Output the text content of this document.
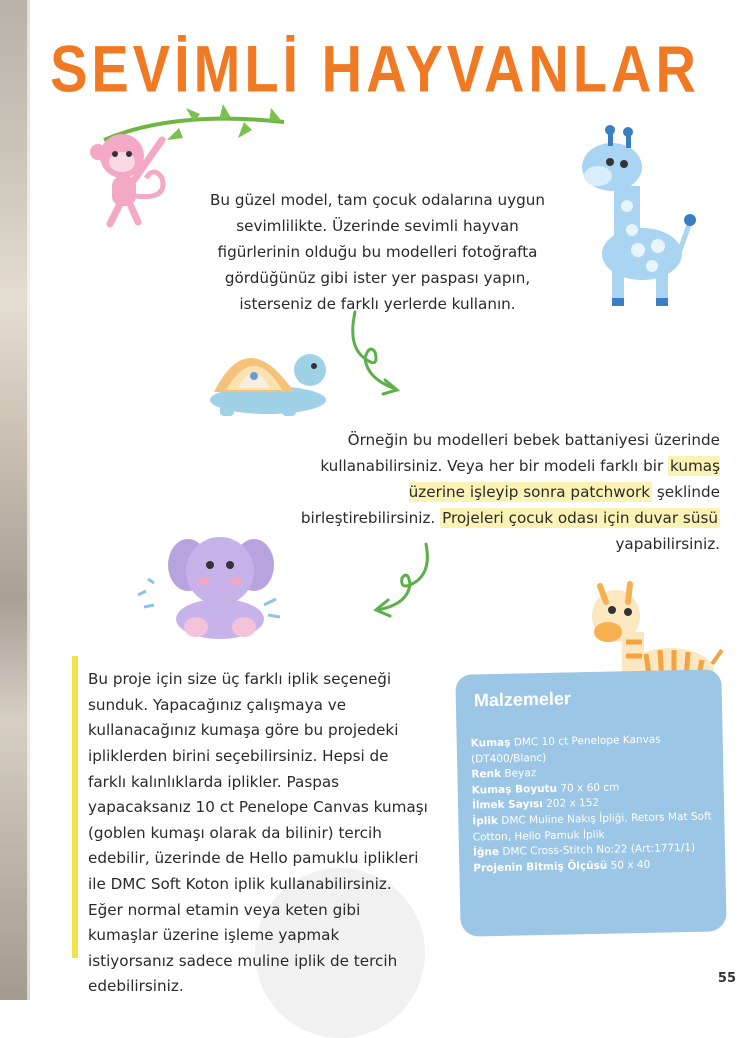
SEVİMLİ HAYVANLAR

Bu güzel model, tam çocuk odalarına uygun sevimlilikte. Üzerinde sevimli hayvan figürlerinin olduğu bu modelleri fotoğrafta gördüğünüz gibi ister yer paspası yapın, isterseniz de farklı yerlerde kullanın.

Örneğin bu modelleri bebek battaniyesi üzerinde kullanabilirsiniz. Veya her bir modeli farklı bir kumaş üzerine işleyip sonra patchwork şeklinde birleştirebilirsiniz. Projeleri çocuk odası için duvar süsü yapabilirsiniz.

Bu proje için size üç farklı iplik seçeneği sunduk. Yapacağınız çalışmaya ve kullanacağınız kumaşa göre bu projedeki ipliklerden birini seçebilirsiniz. Hepsi de farklı kalınlıklarda iplikler. Paspas yapacaksanız 10 ct Penelope Canvas kumaşı (goblen kumaşı olarak da bilinir) tercih edebilir, üzerinde de Hello pamuklu iplikleri ile DMC Soft Koton iplik kullanabilirsiniz. Eğer normal etamin veya keten gibi kumaşlar üzerine işleme yapmak istiyorsanız sadece muline iplik de tercih edebilirsiniz.

Malzemeler

Kumaş DMC 10 ct Penelope Kanvas (DT400/Blanc)

Renk Beyaz

Kumaş Boyutu 70 x 60 cm

İlmek Sayısı 202 x 152

İplik DMC Muline Nakış İpliği, Retors Mat Soft Cotton, Hello Pamuk İplik

İğne DMC Cross-Stitch No:22 (Art:1771/1)

Projenin Bitmiş Ölçüsü 50 x 40

55
